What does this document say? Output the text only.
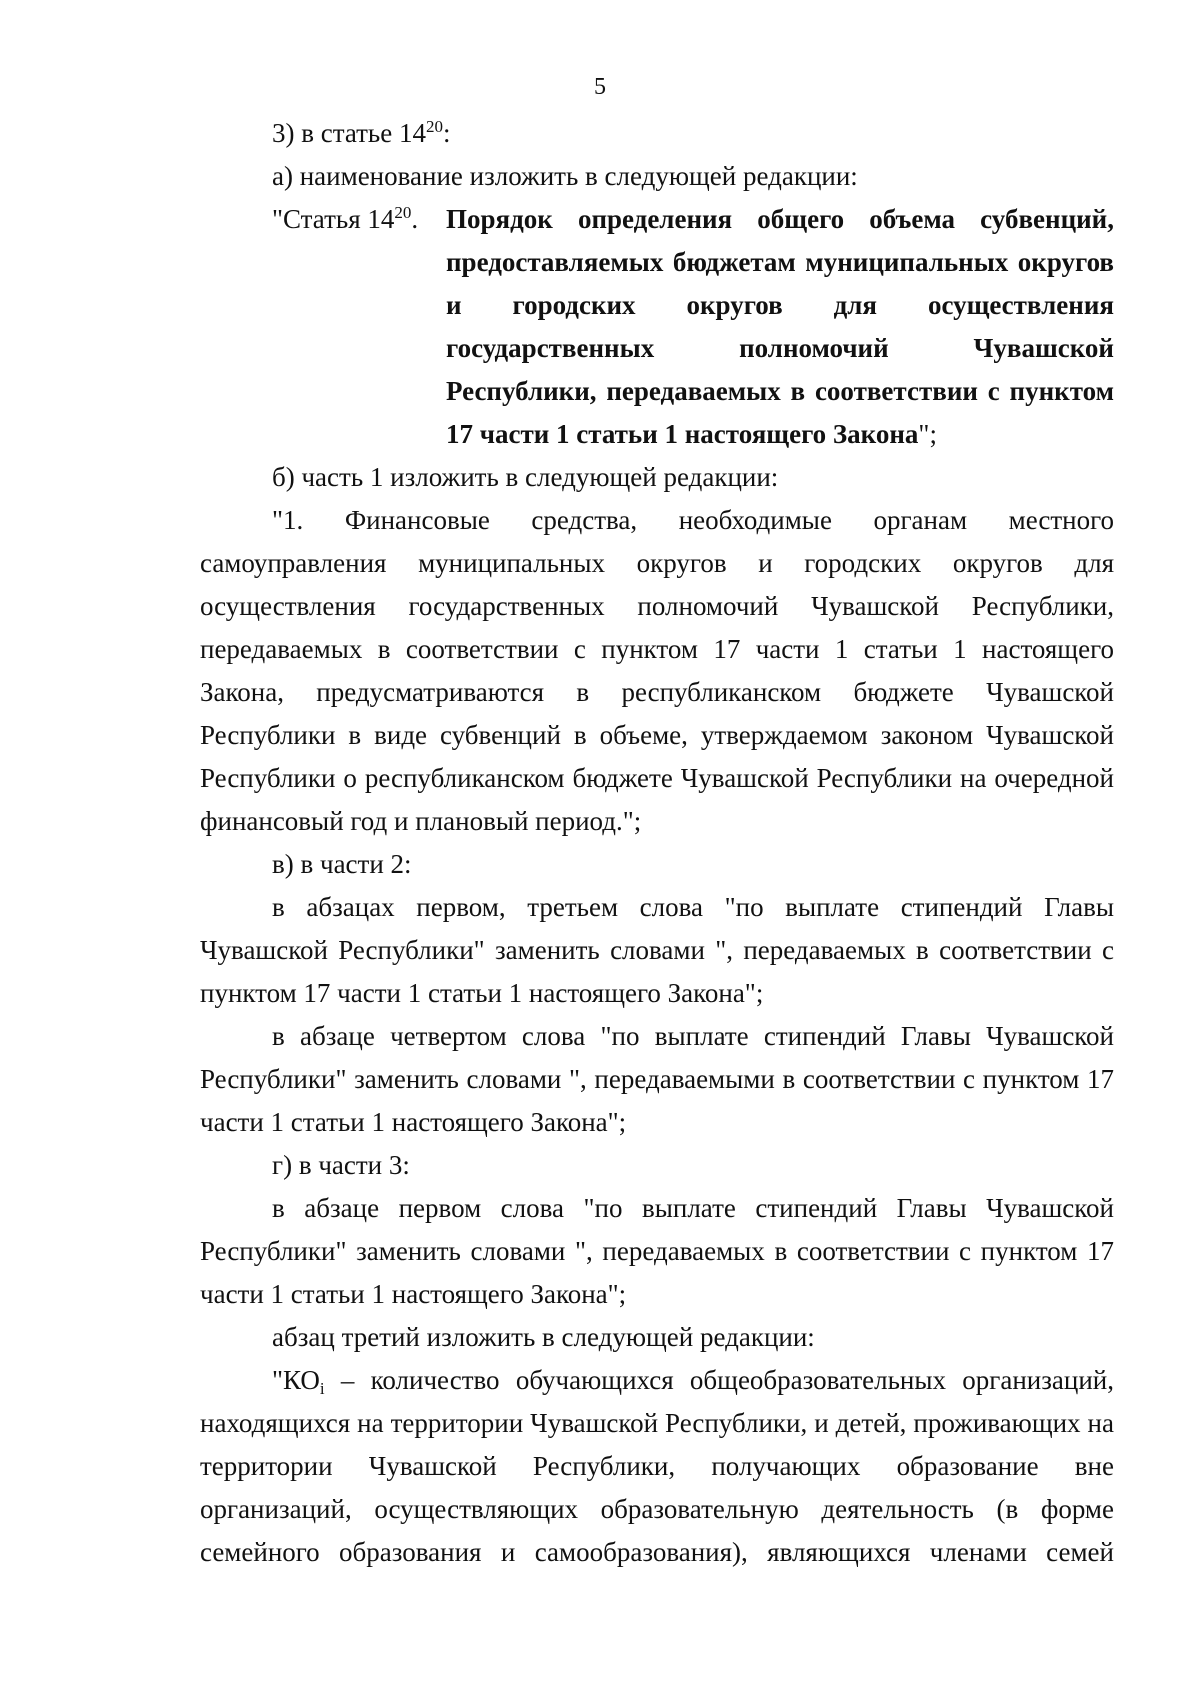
5

3) в статье $14^{20}$:

а) наименование изложить в следующей редакции:

"Статья $14^{20}$.	Порядок определения общего объема субвенций, предоставляемых бюджетам муниципальных округов и городских округов для осуществления государственных полномочий Чувашской Республики, передаваемых в соответствии с пунктом 17 части 1 статьи 1 настоящего Закона";

б) часть 1 изложить в следующей редакции:

"1. Финансовые средства, необходимые органам местного самоуправления муниципальных округов и городских округов для осуществления государственных полномочий Чувашской Республики, передаваемых в соответствии с пунктом 17 части 1 статьи 1 настоящего Закона, предусматриваются в республиканском бюджете Чувашской Республики в виде субвенций в объеме, утверждаемом законом Чувашской Республики о республиканском бюджете Чувашской Республики на очередной финансовый год и плановый период.";

в) в части 2:

в абзацах первом, третьем слова "по выплате стипендий Главы Чувашской Республики" заменить словами ", передаваемых в соответствии с пунктом 17 части 1 статьи 1 настоящего Закона";

в абзаце четвертом слова "по выплате стипендий Главы Чувашской Республики" заменить словами ", передаваемыми в соответствии с пунктом 17 части 1 статьи 1 настоящего Закона";

г) в части 3:

в абзаце первом слова "по выплате стипендий Главы Чувашской Республики" заменить словами ", передаваемых в соответствии с пунктом 17 части 1 статьи 1 настоящего Закона";

абзац третий изложить в следующей редакции:

"$КО_i$ – количество обучающихся общеобразовательных организаций, находящихся на территории Чувашской Республики, и детей, проживающих на территории Чувашской Республики, получающих образование вне организаций, осуществляющих образовательную деятельность (в форме семейного образования и самообразования), являющихся членами семей
